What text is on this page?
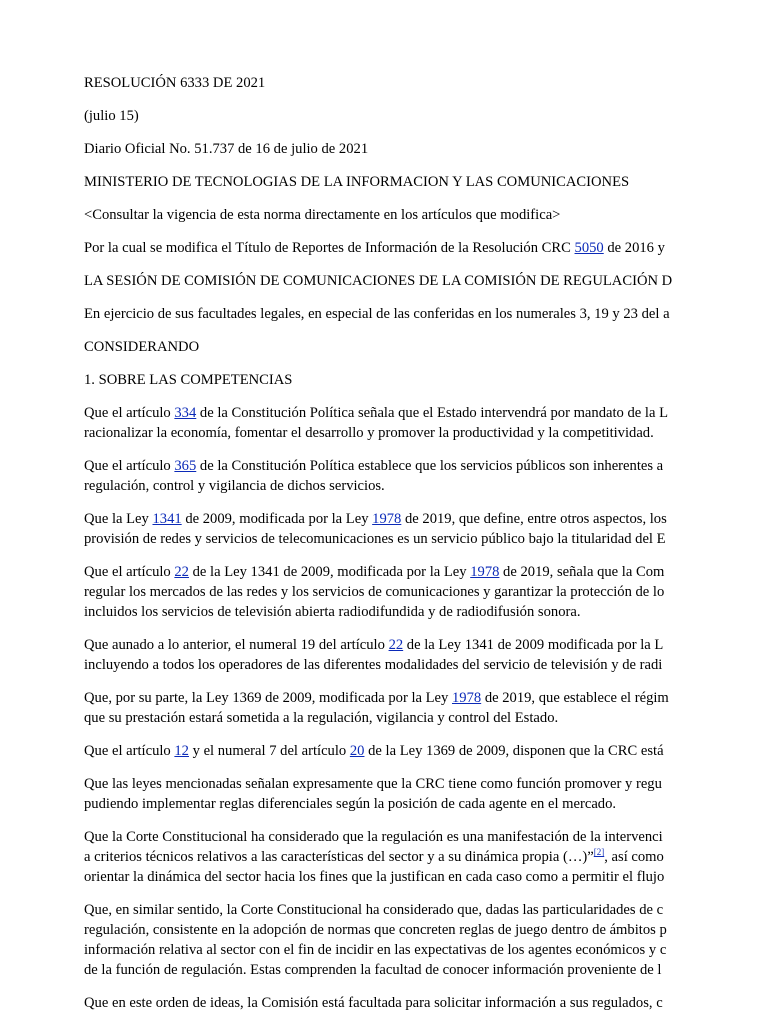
RESOLUCIÓN 6333 DE 2021
(julio 15)
Diario Oficial No. 51.737 de 16 de julio de 2021
MINISTERIO DE TECNOLOGIAS DE LA INFORMACION Y LAS COMUNICACIONES
<Consultar la vigencia de esta norma directamente en los artículos que modifica>
Por la cual se modifica el Título de Reportes de Información de la Resolución CRC 5050 de 2016 y
LA SESIÓN DE COMISIÓN DE COMUNICACIONES DE LA COMISIÓN DE REGULACIÓN D
En ejercicio de sus facultades legales, en especial de las conferidas en los numerales 3, 19 y 23 del a
CONSIDERANDO
1. SOBRE LAS COMPETENCIAS
Que el artículo 334 de la Constitución Política señala que el Estado intervendrá por mandato de la L
racionalizar la economía, fomentar el desarrollo y promover la productividad y la competitividad.
Que el artículo 365 de la Constitución Política establece que los servicios públicos son inherentes a
regulación, control y vigilancia de dichos servicios.
Que la Ley 1341 de 2009, modificada por la Ley 1978 de 2019, que define, entre otros aspectos, los
provisión de redes y servicios de telecomunicaciones es un servicio público bajo la titularidad del E
Que el artículo 22 de la Ley 1341 de 2009, modificada por la Ley 1978 de 2019, señala que la Com
regular los mercados de las redes y los servicios de comunicaciones y garantizar la protección de lo
incluidos los servicios de televisión abierta radiodifundida y de radiodifusión sonora.
Que aunado a lo anterior, el numeral 19 del artículo 22 de la Ley 1341 de 2009 modificada por la L
incluyendo a todos los operadores de las diferentes modalidades del servicio de televisión y de radi
Que, por su parte, la Ley 1369 de 2009, modificada por la Ley 1978 de 2019, que establece el régim
que su prestación estará sometida a la regulación, vigilancia y control del Estado.
Que el artículo 12 y el numeral 7 del artículo 20 de la Ley 1369 de 2009, disponen que la CRC está
Que las leyes mencionadas señalan expresamente que la CRC tiene como función promover y regu
pudiendo implementar reglas diferenciales según la posición de cada agente en el mercado.
Que la Corte Constitucional ha considerado que la regulación es una manifestación de la intervenci
a criterios técnicos relativos a las características del sector y a su dinámica propia (…)”[2], así como
orientar la dinámica del sector hacia los fines que la justifican en cada caso como a permitir el flujo
Que, en similar sentido, la Corte Constitucional ha considerado que, dadas las particularidades de c
regulación, consistente en la adopción de normas que concreten reglas de juego dentro de ámbitos p
información relativa al sector con el fin de incidir en las expectativas de los agentes económicos y c
de la función de regulación. Estas comprenden la facultad de conocer información proveniente de l
Que en este orden de ideas, la Comisión está facultada para solicitar información a sus regulados, c
